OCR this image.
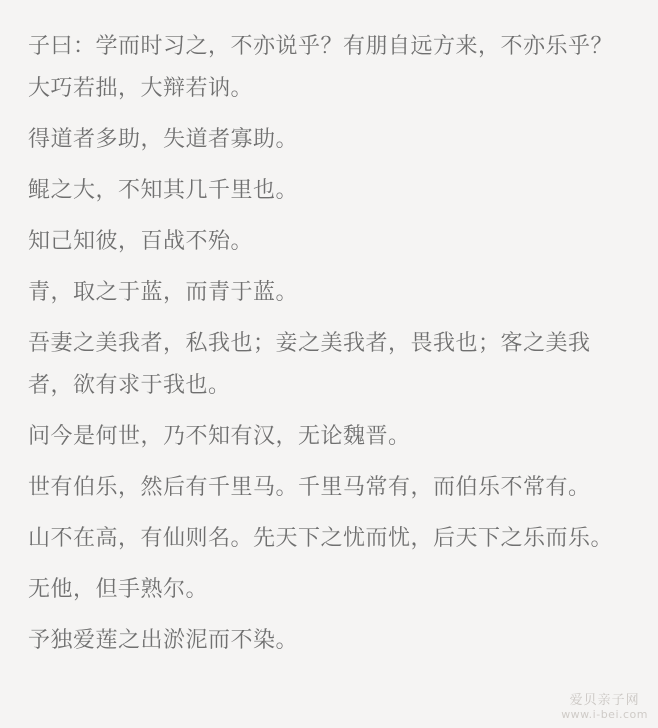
子曰：学而时习之，不亦说乎？有朋自远方来，不亦乐乎？大巧若拙，大辩若讷。

得道者多助，失道者寡助。

鲲之大，不知其几千里也。

知己知彼，百战不殆。

青，取之于蓝，而青于蓝。

吾妻之美我者，私我也；妾之美我者，畏我也；客之美我者，欲有求于我也。

问今是何世，乃不知有汉，无论魏晋。

世有伯乐，然后有千里马。千里马常有，而伯乐不常有。

山不在高，有仙则名。先天下之忧而忧，后天下之乐而乐。

无他，但手熟尔。

予独爱莲之出淤泥而不染。

爱贝亲子网
www.i-bei.com
